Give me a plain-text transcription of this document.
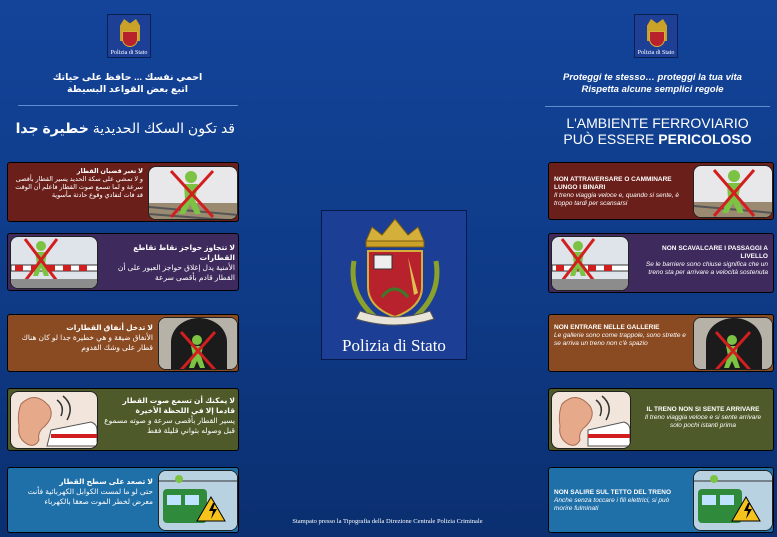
Polizia di Stato
احمي نفسك ... حافظ على حياتك
اتبع بعض القواعد البسيطة
قد تكون السكك الحديدية خطيرة جدا
لا تعبر قضبان القطار
و لا تمشي على سكة الحديد يسير القطار بأقصى سرعة و لما تسمع صوت القطار فاعلم أن الوقت قد فات لتفادي وقوع حادثة مأسوية
لا تتجاوز حواجز نقاط تقاطع القطارات
الأمنية يدل إغلاق حواجز العبور على أن القطار قادم بأقصى سرعة
لا تدخل أنفاق القطارات
الأنفاق ضيقة و هي خطيرة جدا لو كان هناك قطار على وشك القدوم
لا يمكنك أن تسمع صوت القطار قادما إلا في اللحظة الأخيرة
يسير القطار بأقصى سرعة و صوته مسموع قبل وصوله بثواني قليلة فقط
لا تصعد على سطح القطار
حتى لو ما لمست الكوابل الكهربائية فأنت معرض لخطر الموت صعقا بالكهرباء
Polizia di Stato
Stampato presso la Tipografia della Direzione Centrale Polizia Criminale
Polizia di Stato
Proteggi te stesso… proteggi la tua vita
Rispetta alcune semplici regole
L'AMBIENTE FERROVIARIO
PUÒ ESSERE PERICOLOSO
NON ATTRAVERSARE O CAMMINARE LUNGO I BINARI
Il treno viaggia veloce e, quando si sente, è troppo tardi per scansarsi
NON SCAVALCARE I PASSAGGI A LIVELLO
Se le barriere sono chiuse significa che un treno sta per arrivare a velocità sostenuta
NON ENTRARE NELLE GALLERIE
Le gallerie sono come trappole, sono strette e se arriva un treno non c'è spazio
IL TRENO NON SI SENTE ARRIVARE
Il treno viaggia veloce e si sente arrivare solo pochi istanti prima
NON SALIRE SUL TETTO DEL TRENO
Anche senza toccare i fili elettrici, si può morire fulminati
